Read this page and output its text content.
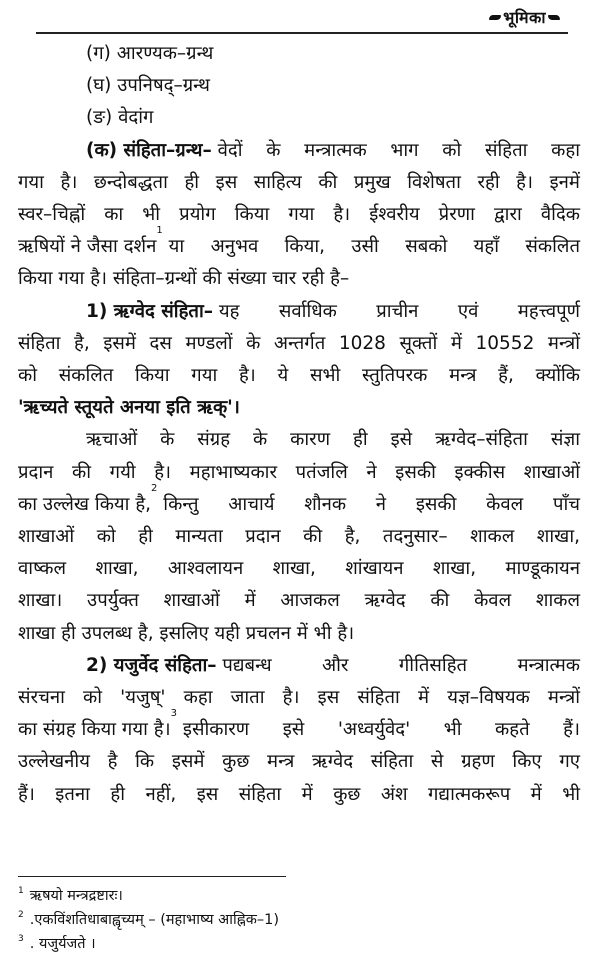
भूमिका
(ग) आरण्यक–ग्रन्थ
(घ) उपनिषद्–ग्रन्थ
(ङ) वेदांग
(क) संहिता–ग्रन्थ–
वेदों के मन्त्रात्मक भाग को संहिता कहा
गया है। छन्दोबद्धता ही इस साहित्य की प्रमुख विशेषता रही है। इनमें
स्वर–चिह्नों का भी प्रयोग किया गया है। ईश्वरीय प्रेरणा द्वारा वैदिक
ऋषियों ने जैसा दर्शन
1

या अनुभव किया, उसी सबको यहाँ संकलित
किया गया है। संहिता–ग्रन्थों की संख्या चार रही है–
1) ऋग्वेद संहिता–
यह सर्वाधिक प्राचीन एवं महत्त्वपूर्ण
संहिता है, इसमें दस मण्डलों के अन्तर्गत 1028 सूक्तों में 10552 मन्त्रों
को संकलित किया गया है। ये सभी स्तुतिपरक मन्त्र हैं, क्योंकि
'ऋच्यते स्तूयते अनया इति ऋक्' ।
ऋचाओं के संग्रह के कारण ही इसे ऋग्वेद–संहिता संज्ञा
प्रदान की गयी है। महाभाष्यकार पतंजलि ने इसकी इक्कीस शाखाओं
का उल्लेख किया है,
2

किन्तु आचार्य शौनक ने इसकी केवल पाँच
शाखाओं को ही मान्यता प्रदान की है, तदनुसार– शाकल शाखा,
वाष्कल शाखा, आश्वलायन शाखा, शांखायन शाखा, माण्डूकायन
शाखा। उपर्युक्त शाखाओं में आजकल ऋग्वेद की केवल शाकल
शाखा ही उपलब्ध है, इसलिए यही प्रचलन में भी है।
2) यजुर्वेद संहिता–
पद्यबन्ध और गीतिसहित मन्त्रात्मक
संरचना को 'यजुष्' कहा जाता है। इस संहिता में यज्ञ–विषयक मन्त्रों
का संग्रह किया गया है।
3

इसीकारण इसे 'अध्वर्युवेद' भी कहते हैं।
उल्लेखनीय है कि इसमें कुछ मन्त्र ऋग्वेद संहिता से ग्रहण किए गए
हैं। इतना ही नहीं, इस संहिता में कुछ अंश गद्यात्मकरूप में भी
$^1$ ऋषयो मन्त्रद्रष्टारः।
$^2$ .एकविंशतिधाबाह्वृच्यम् – (महाभाष्य आह्निक–1)
$^3$ . यजुर्यजते ।
